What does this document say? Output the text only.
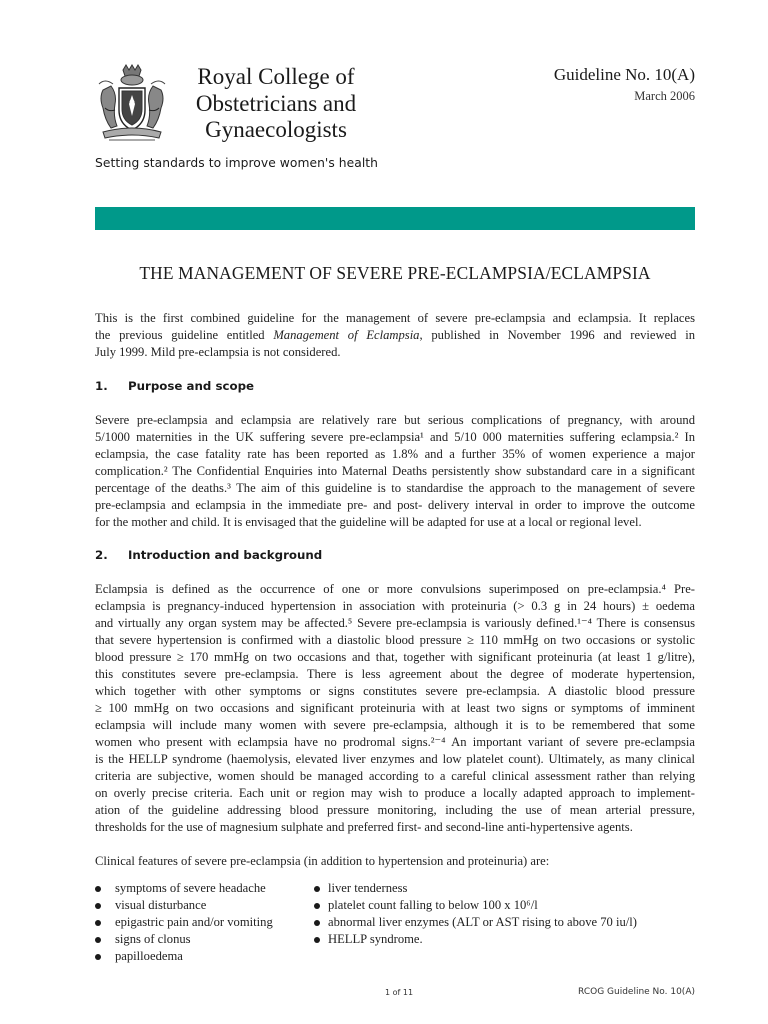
Royal College of
Obstetricians and
Gynaecologists
Setting standards to improve women's health
Guideline No. 10(A)
March 2006
THE MANAGEMENT OF SEVERE PRE-ECLAMPSIA/ECLAMPSIA
This is the first combined guideline for the management of severe pre-eclampsia and eclampsia. It replaces
the previous guideline entitled Management of Eclampsia, published in November 1996 and reviewed in
July 1999. Mild pre-eclampsia is not considered.
1. Purpose and scope
Severe pre-eclampsia and eclampsia are relatively rare but serious complications of pregnancy, with around
5/1000 maternities in the UK suffering severe pre-eclampsia¹ and 5/10 000 maternities suffering eclampsia.² In
eclampsia, the case fatality rate has been reported as 1.8% and a further 35% of women experience a major
complication.² The Confidential Enquiries into Maternal Deaths persistently show substandard care in a significant
percentage of the deaths.³ The aim of this guideline is to standardise the approach to the management of severe
pre-eclampsia and eclampsia in the immediate pre- and post- delivery interval in order to improve the outcome
for the mother and child. It is envisaged that the guideline will be adapted for use at a local or regional level.
2. Introduction and background
Eclampsia is defined as the occurrence of one or more convulsions superimposed on pre-eclampsia.⁴ Pre-
eclampsia is pregnancy-induced hypertension in association with proteinuria (> 0.3 g in 24 hours) ± oedema
and virtually any organ system may be affected.⁵ Severe pre-eclampsia is variously defined.¹⁻⁴ There is consensus
that severe hypertension is confirmed with a diastolic blood pressure ≥ 110 mmHg on two occasions or systolic
blood pressure ≥ 170 mmHg on two occasions and that, together with significant proteinuria (at least 1 g/litre),
this constitutes severe pre-eclampsia. There is less agreement about the degree of moderate hypertension,
which together with other symptoms or signs constitutes severe pre-eclampsia. A diastolic blood pressure
≥ 100 mmHg on two occasions and significant proteinuria with at least two signs or symptoms of imminent
eclampsia will include many women with severe pre-eclampsia, although it is to be remembered that some
women who present with eclampsia have no prodromal signs.²⁻⁴ An important variant of severe pre-eclampsia
is the HELLP syndrome (haemolysis, elevated liver enzymes and low platelet count). Ultimately, as many clinical
criteria are subjective, women should be managed according to a careful clinical assessment rather than relying
on overly precise criteria. Each unit or region may wish to produce a locally adapted approach to implement-
ation of the guideline addressing blood pressure monitoring, including the use of mean arterial pressure,
thresholds for the use of magnesium sulphate and preferred first- and second-line anti-hypertensive agents.
Clinical features of severe pre-eclampsia (in addition to hypertension and proteinuria) are:
symptoms of severe headache
visual disturbance
epigastric pain and/or vomiting
signs of clonus
papilloedema
liver tenderness
platelet count falling to below 100 x 10⁶/l
abnormal liver enzymes (ALT or AST rising to above 70 iu/l)
HELLP syndrome.
1 of 11	RCOG Guideline No. 10(A)
